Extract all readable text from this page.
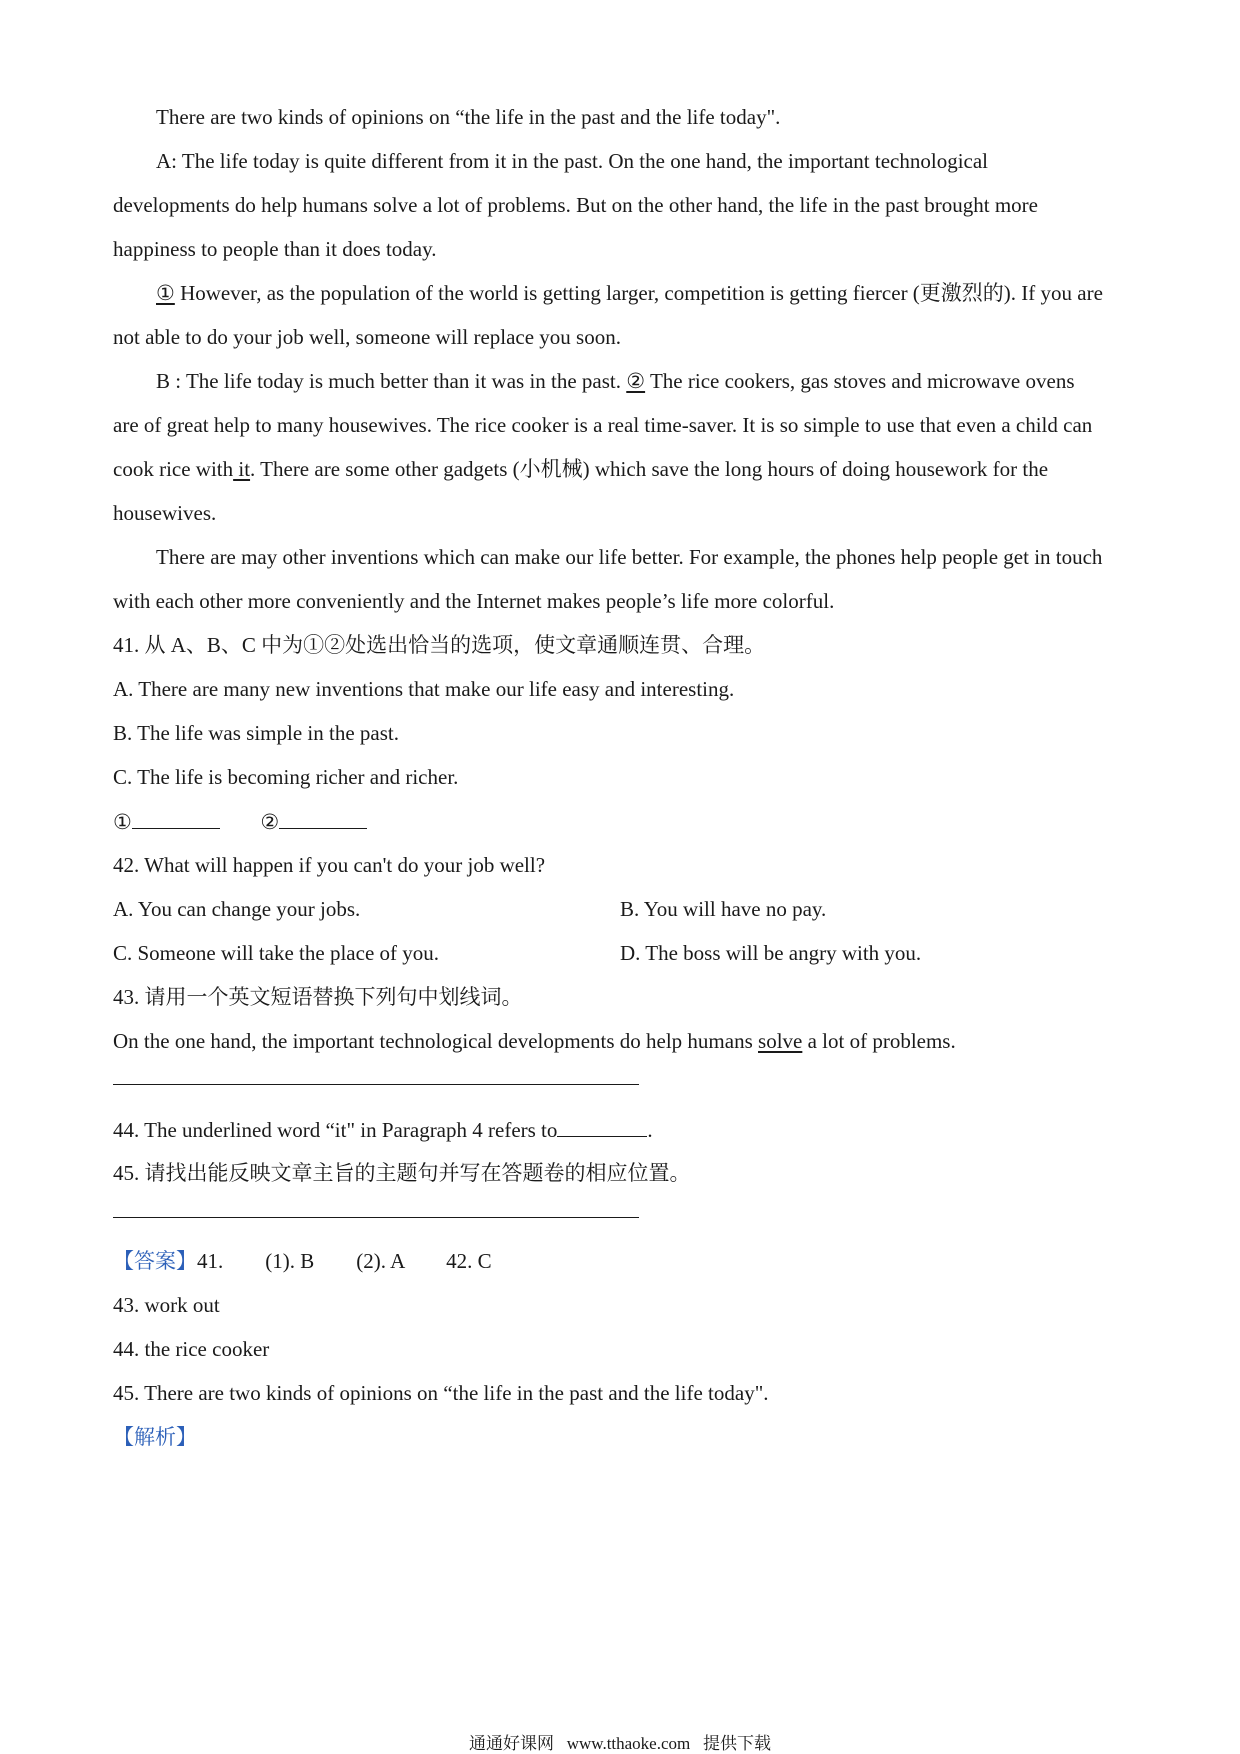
There are two kinds of opinions on “the life in the past and the life today".
A: The life today is quite different from it in the past. On the one hand, the important technological
developments do help humans solve a lot of problems. But on the other hand, the life in the past brought more
happiness to people than it does today.
① However, as the population of the world is getting larger, competition is getting fiercer (更激烈的). If you are
not able to do your job well, someone will replace you soon.
B : The life today is much better than it was in the past. ② The rice cookers, gas stoves and microwave ovens
are of great help to many housewives. The rice cooker is a real time-saver. It is so simple to use that even a child can
cook rice with it. There are some other gadgets (小机械) which save the long hours of doing housework for the
housewives.
There are may other inventions which can make our life better. For example, the phones help people get in touch
with each other more conveniently and the Internet makes people’s life more colorful.
41. 从 A、B、C 中为①②处选出恰当的选项，使文章通顺连贯、合理。
A. There are many new inventions that make our life easy and interesting.
B. The life was simple in the past.
C. The life is becoming richer and richer.
①	②
42. What will happen if you can't do your job well?
A. You can change your jobs.	B. You will have no pay.
C. Someone will take the place of you.	D. The boss will be angry with you.
43. 请用一个英文短语替换下列句中划线词。
On the one hand, the important technological developments do help humans solve a lot of problems.
44. The underlined word “it" in Paragraph 4 refers to	.
45. 请找出能反映文章主旨的主题句并写在答题卷的相应位置。
【答案】41.        (1). B        (2). A        42. C
43. work out
44. the rice cooker
45. There are two kinds of opinions on “the life in the past and the life today".
【解析】
通通好课网   www.tthaoke.com   提供下载
